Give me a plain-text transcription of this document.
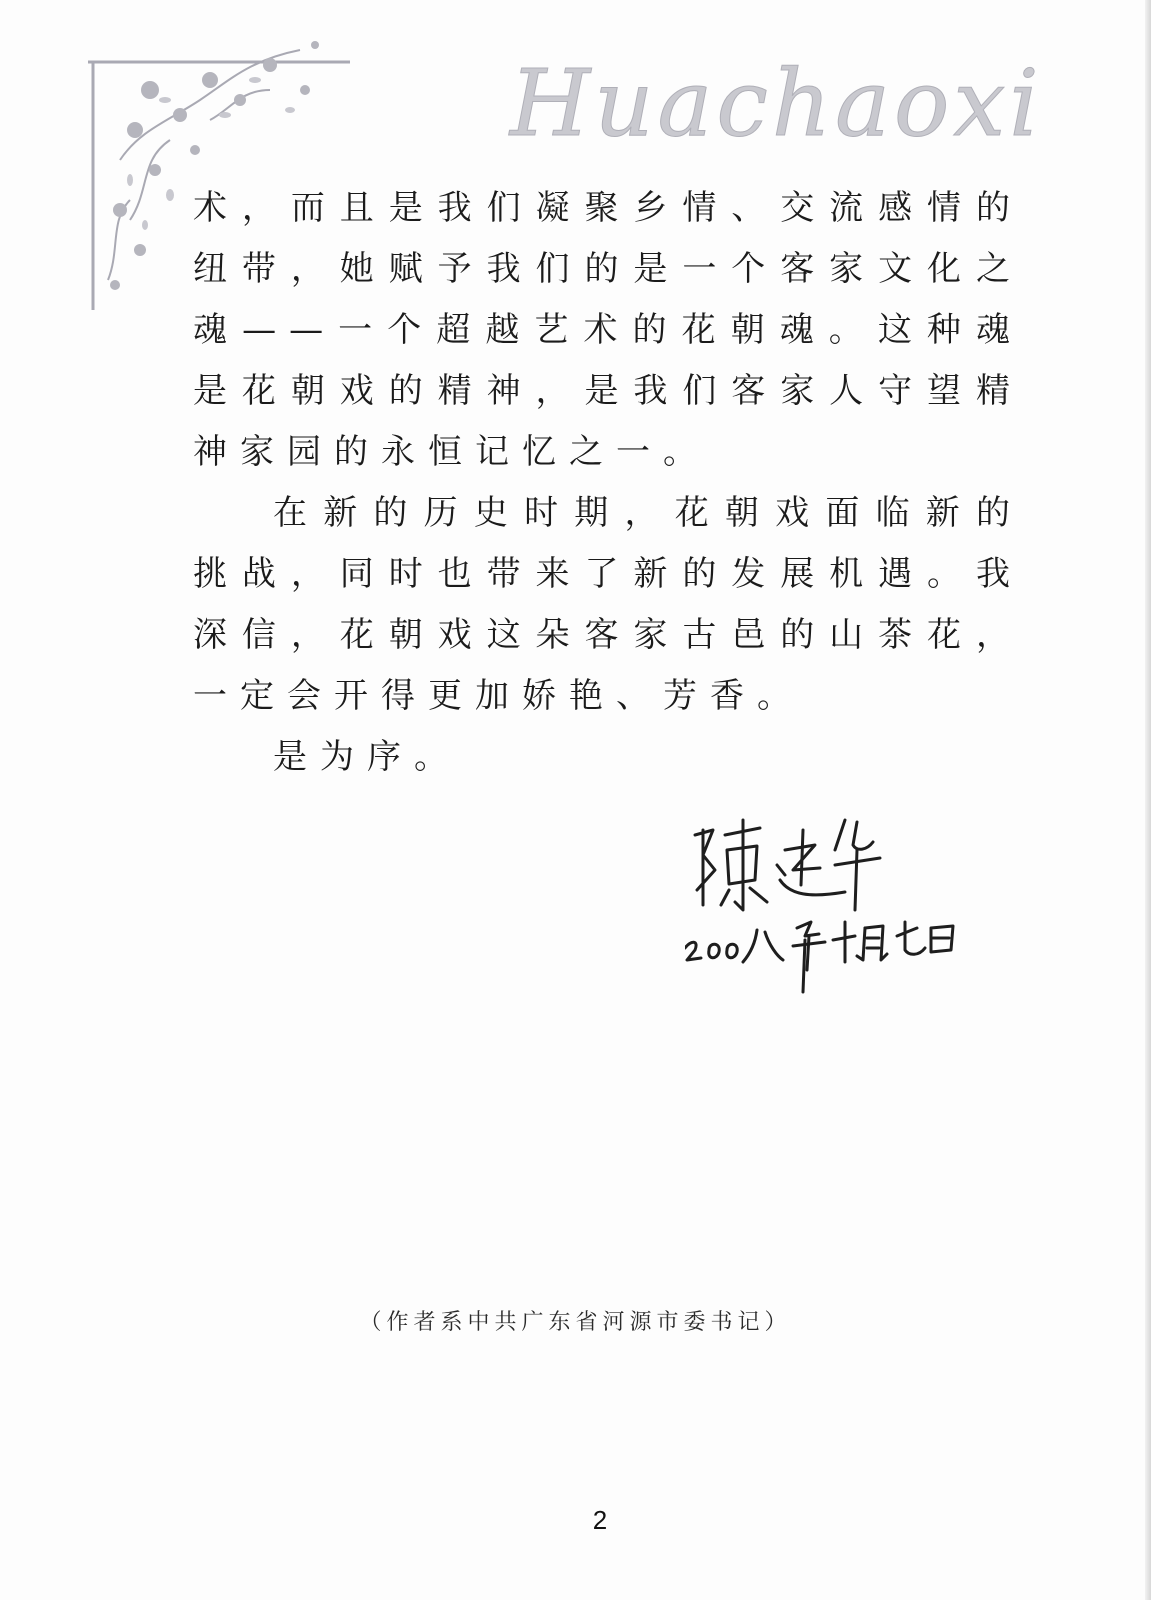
Huachaoxi

术，而且是我们凝聚乡情、交流感情的纽带，她赋予我们的是一个客家文化之魂——一个超越艺术的花朝魂。这种魂是花朝戏的精神，是我们客家人守望精神家园的永恒记忆之一。

在新的历史时期，花朝戏面临新的挑战，同时也带来了新的发展机遇。我深信，花朝戏这朵客家古邑的山茶花，一定会开得更加娇艳、芳香。

是为序。

（作者系中共广东省河源市委书记）
2
